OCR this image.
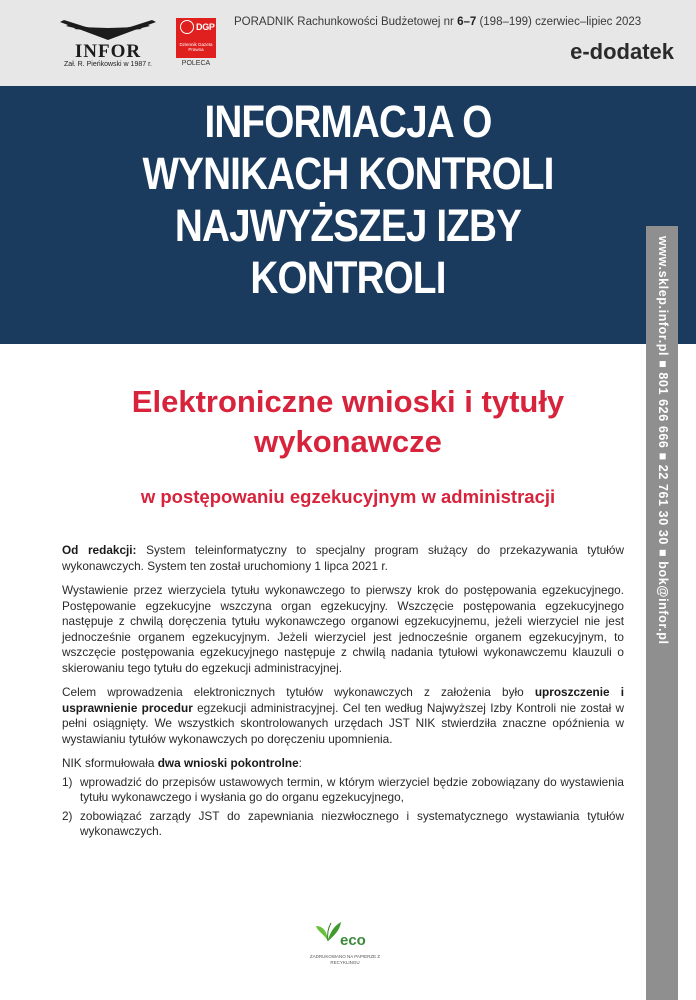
INFOR
Zał. R. Pieńkowski w 1987 r.
DGP
Dziennik Gazeta Prawna
POLECA
PORADNIK Rachunkowości Budżetowej nr 6–7 (198–199) czerwiec–lipiec 2023
e-dodatek
INFORMACJA O WYNIKACH KONTROLI NAJWYŻSZEJ IZBY KONTROLI	www.sklep.infor.pl ■ 801 626 666 ■ 22 761 30 30 ■ bok@infor.pl
Elektroniczne wnioski i tytuły wykonawcze
w postępowaniu egzekucyjnym w administracji

Od redakcji: System teleinformatyczny to specjalny program służący do przekazywania tytułów wykonawczych. System ten został uruchomiony 1 lipca 2021 r.

Wystawienie przez wierzyciela tytułu wykonawczego to pierwszy krok do postępowania egzekucyjnego. Postępowanie egzekucyjne wszczyna organ egzekucyjny. Wszczęcie postępowania egzekucyjnego następuje z chwilą doręczenia tytułu wykonawczego organowi egzekucyjnemu, jeżeli wierzyciel nie jest jednocześnie organem egzekucyjnym. Jeżeli wierzyciel jest jednocześnie organem egzekucyjnym, to wszczęcie postępowania egzekucyjnego następuje z chwilą nadania tytułowi wykonawczemu klauzuli o skierowaniu tego tytułu do egzekucji administracyjnej.

Celem wprowadzenia elektronicznych tytułów wykonawczych z założenia było uproszczenie i usprawnienie procedur egzekucji administracyjnej. Cel ten według Najwyższej Izby Kontroli nie został w pełni osiągnięty. We wszystkich skontrolowanych urzędach JST NIK stwierdziła znaczne opóźnienia w wystawianiu tytułów wykonawczych po doręczeniu upomnienia.

NIK sformułowała dwa wnioski pokontrolne:

1) wprowadzić do przepisów ustawowych termin, w którym wierzyciel będzie zobowiązany do wystawienia tytułu wykonawczego i wysłania go do organu egzekucyjnego,
2) zobowiązać zarządy JST do zapewniania niezwłocznego i systematycznego wystawiania tytułów wykonawczych.
eco
ZADRUKOWANO NA PAPIERZE Z RECYKLINGU
